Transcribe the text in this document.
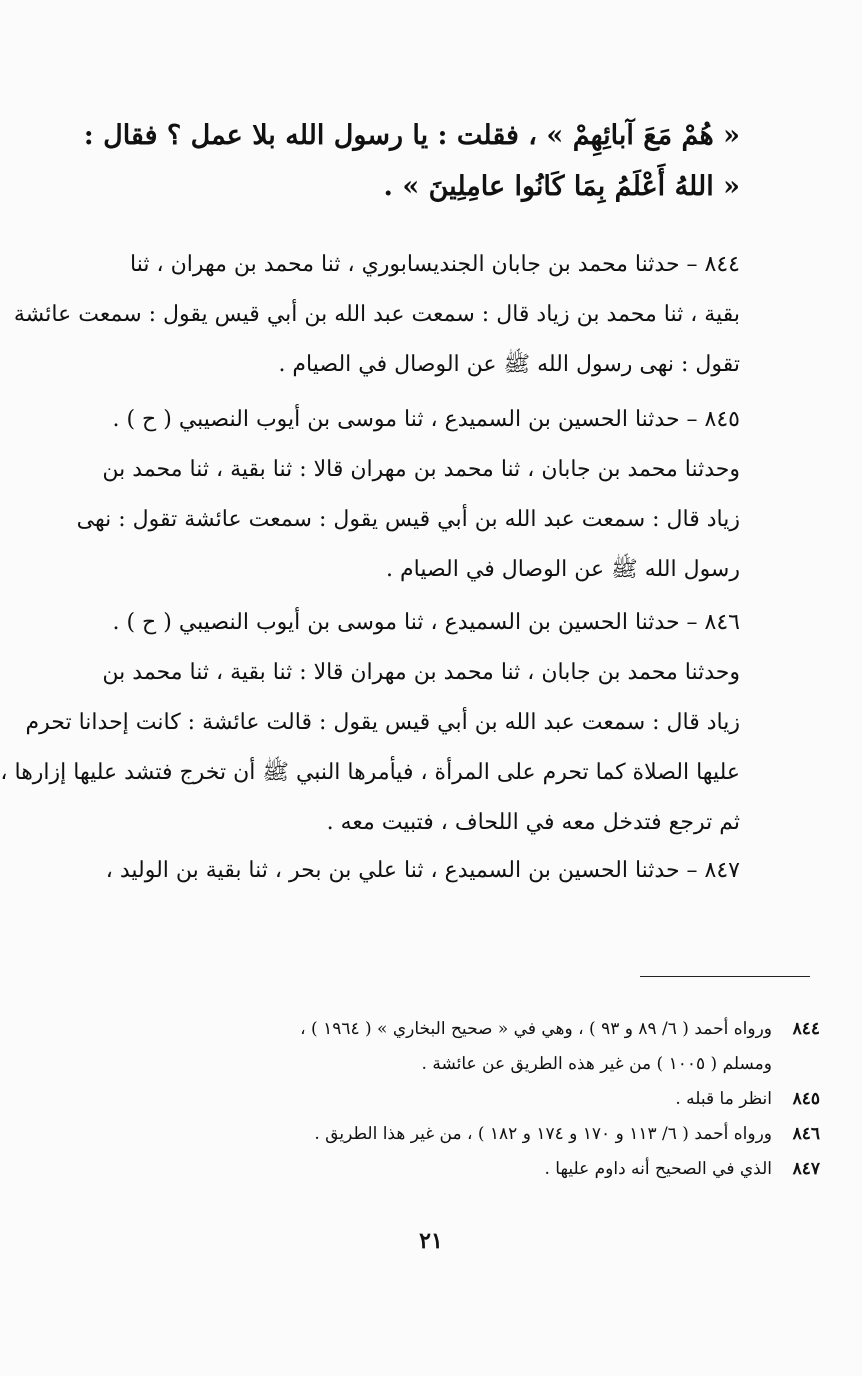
« هُمْ مَعَ آبائِهِمْ » ، فقلت : يا رسول الله بلا عمل ؟ فقال :
« اللهُ أَعْلَمُ بِمَا كَانُوا عامِلِينَ » .
٨٤٤ – حدثنا محمد بن جابان الجنديسابوري ، ثنا محمد بن مهران ، ثنا
بقية ، ثنا محمد بن زياد قال : سمعت عبد الله بن أبي قيس يقول : سمعت عائشة
تقول : نهى رسول الله ﷺ عن الوصال في الصيام .
٨٤٥ – حدثنا الحسين بن السميدع ، ثنا موسى بن أيوب النصيبي ( ح ) .
وحدثنا محمد بن جابان ، ثنا محمد بن مهران قالا : ثنا بقية ، ثنا محمد بن
زياد قال : سمعت عبد الله بن أبي قيس يقول : سمعت عائشة تقول : نهى
رسول الله ﷺ عن الوصال في الصيام .
٨٤٦ – حدثنا الحسين بن السميدع ، ثنا موسى بن أيوب النصيبي ( ح ) .
وحدثنا محمد بن جابان ، ثنا محمد بن مهران قالا : ثنا بقية ، ثنا محمد بن
زياد قال : سمعت عبد الله بن أبي قيس يقول : قالت عائشة : كانت إحدانا تحرم
عليها الصلاة كما تحرم على المرأة ، فيأمرها النبي ﷺ أن تخرج فتشد عليها إزارها ،
ثم ترجع فتدخل معه في اللحاف ، فتبيت معه .
٨٤٧ – حدثنا الحسين بن السميدع ، ثنا علي بن بحر ، ثنا بقية بن الوليد ،
٨٤٤
ورواه أحمد ( ٦/ ٨٩ و ٩٣ ) ، وهي في « صحيح البخاري » ( ١٩٦٤ ) ،
ومسلم ( ١٠٠٥ ) من غير هذه الطريق عن عائشة .
٨٤٥
انظر ما قبله .
٨٤٦
ورواه أحمد ( ٦/ ١١٣ و ١٧٠ و ١٧٤ و ١٨٢ ) ، من غير هذا الطريق .
٨٤٧
الذي في الصحيح أنه داوم عليها .
٢١
